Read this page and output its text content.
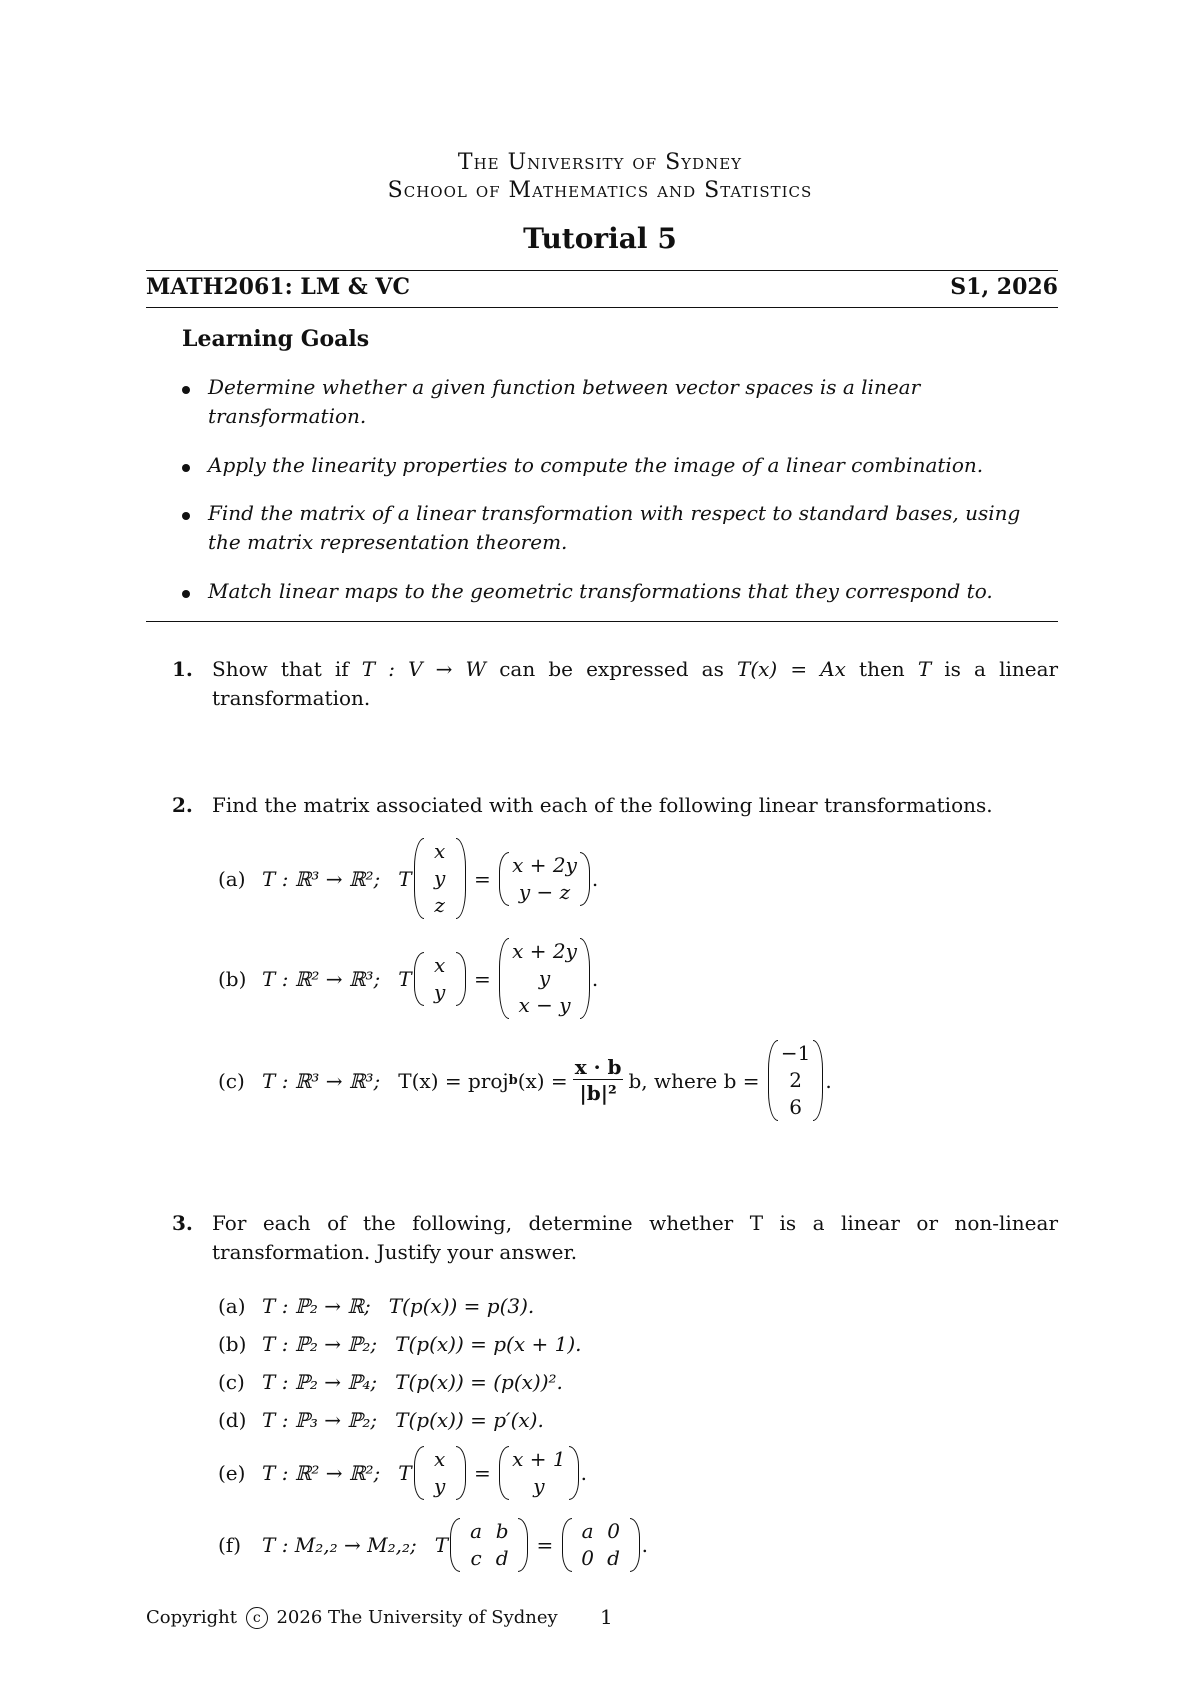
The University of Sydney
School of Mathematics and Statistics
Tutorial 5
MATH2061: LM & VC	S1, 2026
Learning Goals
Determine whether a given function between vector spaces is a linear transformation.
Apply the linearity properties to compute the image of a linear combination.
Find the matrix of a linear transformation with respect to standard bases, using the matrix representation theorem.
Match linear maps to the geometric transformations that they correspond to.
1. Show that if T : V → W can be expressed as T(x) = Ax then T is a linear transformation.
2. Find the matrix associated with each of the following linear transformations.
(a) T : ℝ³ → ℝ²; T
x
y
z
=
x + 2y
y − z
.
(b) T : ℝ² → ℝ³; T
x
y
=
x + 2y
y
x − y
.
(c) T : ℝ³ → ℝ³; T(x) = proj b $(x) = \frac{x \cdot b}{\text{|b|²}} b$, where b =

−1
2
6
.
3. For each of the following, determine whether T is a linear or non-linear transformation. Justify your answer.
(a) T : ℙ₂ → ℝ; T(p(x)) = p(3).
(b) T : ℙ₂ → ℙ₂; T(p(x)) = p(x + 1).
(c) T : ℙ₂ → ℙ₄; T(p(x)) = (p(x))².
(d) T : ℙ₃ → ℙ₂; T(p(x)) = p′(x).
(e) T : ℝ² → ℝ²; T
x
y
=
x + 1
y
.
(f)	T : M₂,₂ → M₂,₂; T
a b
c d
=
a 0
0 d
.
Copyright c 2026 The University of Sydney 1
